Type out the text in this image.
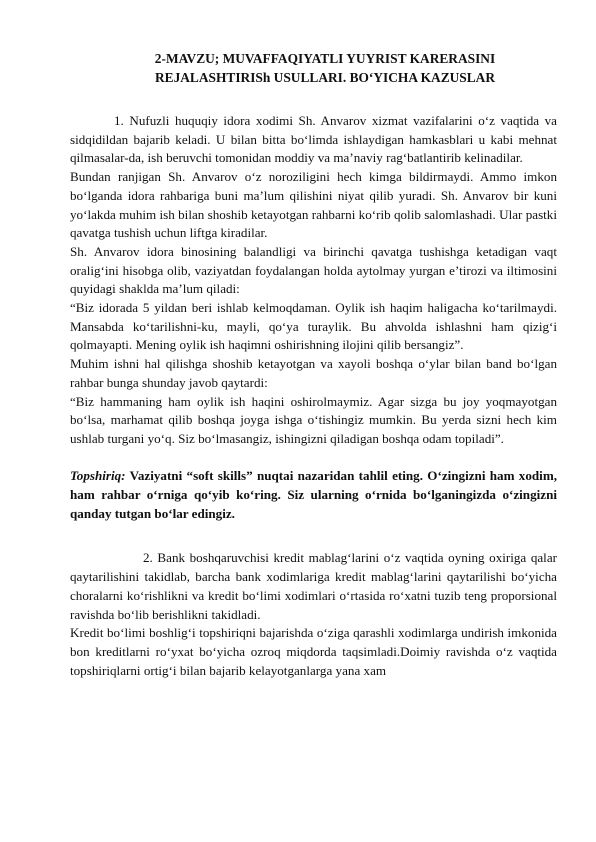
2-MAVZU; MUVAFFAQIYATLI YUYRIST KARERASINI
REJALASHTIRISh USULLARI. BO‘YICHA KAZUSLAR

1. Nufuzli huquqiy idora xodimi Sh. Anvarov xizmat vazifalarini o‘z vaqtida va sidqidildan bajarib keladi. U bilan bitta bo‘limda ishlaydigan hamkasblari u kabi mehnat qilmasalar-da, ish beruvchi tomonidan moddiy va ma’naviy rag‘batlantirib kelinadilar.

Bundan ranjigan Sh. Anvarov o‘z noroziligini hech kimga bildirmaydi. Ammo imkon bo‘lganda idora rahbariga buni ma’lum qilishini niyat qilib yuradi. Sh. Anvarov bir kuni yo‘lakda muhim ish bilan shoshib ketayotgan rahbarni ko‘rib qolib salomlashadi. Ular pastki qavatga tushish uchun liftga kiradilar.

Sh. Anvarov idora binosining balandligi va birinchi qavatga tushishga ketadigan vaqt oralig‘ini hisobga olib, vaziyatdan foydalangan holda aytolmay yurgan e’tirozi va iltimosini quyidagi shaklda ma’lum qiladi:

“Biz idorada 5 yildan beri ishlab kelmoqdaman. Oylik ish haqim haligacha ko‘tarilmaydi. Mansabda ko‘tarilishni-ku, mayli, qo‘ya turaylik. Bu ahvolda ishlashni ham qizig‘i qolmayapti. Mening oylik ish haqimni oshirishning ilojini qilib bersangiz”.

Muhim ishni hal qilishga shoshib ketayotgan va xayoli boshqa o‘ylar bilan band bo‘lgan rahbar bunga shunday javob qaytardi:

“Biz hammaning ham oylik ish haqini oshirolmaymiz. Agar sizga bu joy yoqmayotgan bo‘lsa, marhamat qilib boshqa joyga ishga o‘tishingiz mumkin. Bu yerda sizni hech kim ushlab turgani yo‘q. Siz bo‘lmasangiz, ishingizni qiladigan boshqa odam topiladi”.

Topshiriq: Vaziyatni “soft skills” nuqtai nazaridan tahlil eting. O‘zingizni ham xodim, ham rahbar o‘rniga qo‘yib ko‘ring. Siz ularning o‘rnida bo‘lganingizda o‘zingizni qanday tutgan bo‘lar edingiz.

2. Bank boshqaruvchisi kredit mablag‘larini o‘z vaqtida oyning oxiriga qalar qaytarilishini takidlab, barcha bank xodimlariga kredit mablag‘larini qaytarilishi bo‘yicha choralarni ko‘rishlikni va kredit bo‘limi xodimlari o‘rtasida ro‘xatni tuzib teng proporsional ravishda bo‘lib berishlikni takidladi.

Kredit bo‘limi boshlig‘i topshiriqni bajarishda o‘ziga qarashli xodimlarga undirish imkonida bon kreditlarni ro‘yxat bo‘yicha ozroq miqdorda taqsimladi.Doimiy ravishda o‘z vaqtida topshiriqlarni ortig‘i bilan bajarib kelayotganlarga yana xam
